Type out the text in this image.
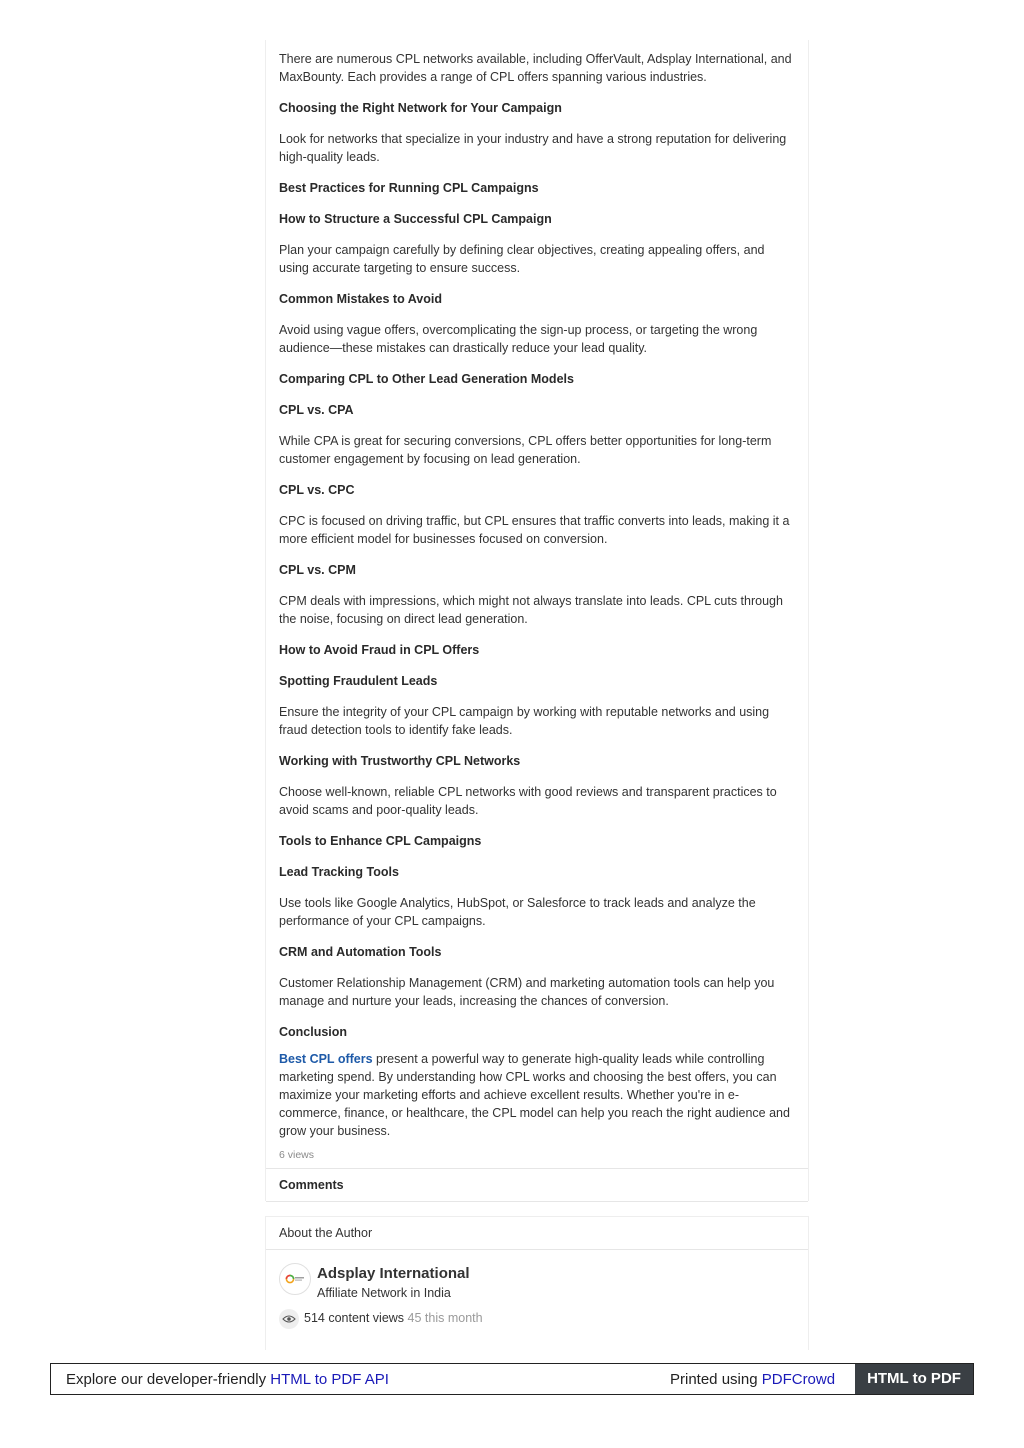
There are numerous CPL networks available, including OfferVault, Adsplay International, and MaxBounty. Each provides a range of CPL offers spanning various industries.

Choosing the Right Network for Your Campaign

Look for networks that specialize in your industry and have a strong reputation for delivering high-quality leads.

Best Practices for Running CPL Campaigns
How to Structure a Successful CPL Campaign

Plan your campaign carefully by defining clear objectives, creating appealing offers, and using accurate targeting to ensure success.

Common Mistakes to Avoid

Avoid using vague offers, overcomplicating the sign-up process, or targeting the wrong audience—these mistakes can drastically reduce your lead quality.

Comparing CPL to Other Lead Generation Models
CPL vs. CPA

While CPA is great for securing conversions, CPL offers better opportunities for long-term customer engagement by focusing on lead generation.

CPL vs. CPC

CPC is focused on driving traffic, but CPL ensures that traffic converts into leads, making it a more efficient model for businesses focused on conversion.

CPL vs. CPM

CPM deals with impressions, which might not always translate into leads. CPL cuts through the noise, focusing on direct lead generation.

How to Avoid Fraud in CPL Offers
Spotting Fraudulent Leads

Ensure the integrity of your CPL campaign by working with reputable networks and using fraud detection tools to identify fake leads.

Working with Trustworthy CPL Networks

Choose well-known, reliable CPL networks with good reviews and transparent practices to avoid scams and poor-quality leads.

Tools to Enhance CPL Campaigns
Lead Tracking Tools

Use tools like Google Analytics, HubSpot, or Salesforce to track leads and analyze the performance of your CPL campaigns.

CRM and Automation Tools

Customer Relationship Management (CRM) and marketing automation tools can help you manage and nurture your leads, increasing the chances of conversion.

Conclusion

Best CPL offers present a powerful way to generate high-quality leads while controlling marketing spend. By understanding how CPL works and choosing the best offers, you can maximize your marketing efforts and achieve excellent results. Whether you're in e-commerce, finance, or healthcare, the CPL model can help you reach the right audience and grow your business.

6 views
Comments
About the Author
Adsplay International
Affiliate Network in India
514 content views 45 this month
Explore our developer-friendly HTML to PDF API	Printed using PDFCrowd	HTML to PDF
